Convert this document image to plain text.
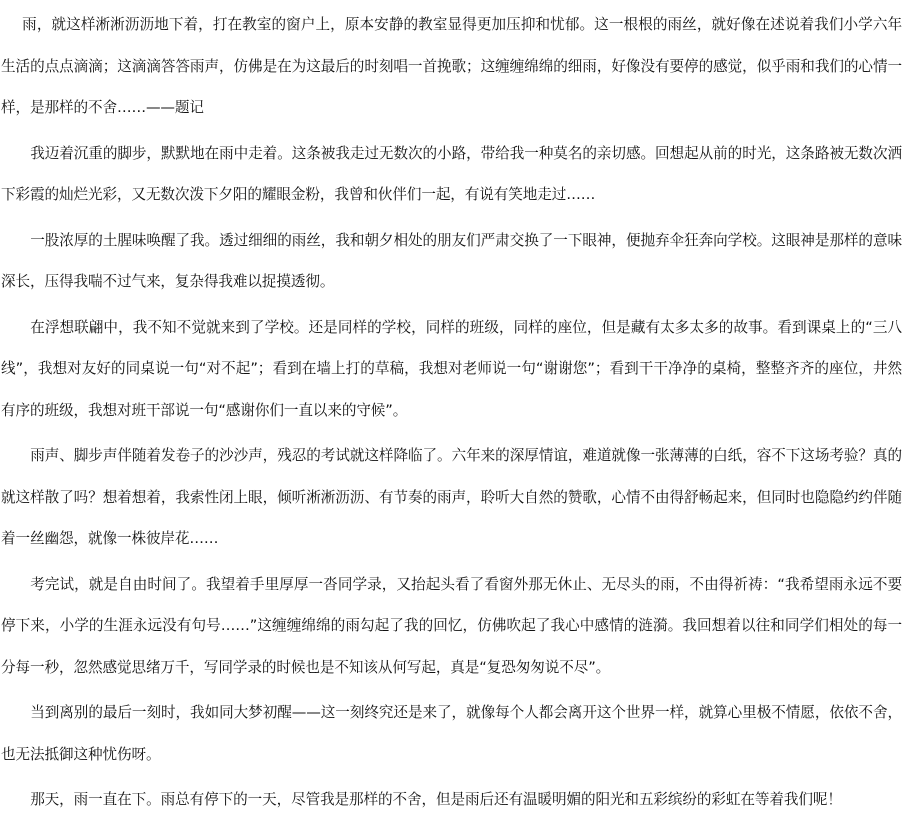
雨，就这样淅淅沥沥地下着，打在教室的窗户上，原本安静的教室显得更加压抑和忧郁。这一根根的雨丝，就好像在述说着我们小学六年生活的点点滴滴；这滴滴答答雨声，仿佛是在为这最后的时刻唱一首挽歌；这缠缠绵绵的细雨，好像没有要停的感觉，似乎雨和我们的心情一样，是那样的不舍……——题记

我迈着沉重的脚步，默默地在雨中走着。这条被我走过无数次的小路，带给我一种莫名的亲切感。回想起从前的时光，这条路被无数次洒下彩霞的灿烂光彩，又无数次泼下夕阳的耀眼金粉，我曾和伙伴们一起，有说有笑地走过……

一股浓厚的土腥味唤醒了我。透过细细的雨丝，我和朝夕相处的朋友们严肃交换了一下眼神，便抛弃伞狂奔向学校。这眼神是那样的意味深长，压得我喘不过气来，复杂得我难以捉摸透彻。

在浮想联翩中，我不知不觉就来到了学校。还是同样的学校，同样的班级，同样的座位，但是藏有太多太多的故事。看到课桌上的“三八线”，我想对友好的同桌说一句“对不起”；看到在墙上打的草稿，我想对老师说一句“谢谢您”；看到干干净净的桌椅，整整齐齐的座位，井然有序的班级，我想对班干部说一句“感谢你们一直以来的守候”。

雨声、脚步声伴随着发卷子的沙沙声，残忍的考试就这样降临了。六年来的深厚情谊，难道就像一张薄薄的白纸，容不下这场考验？真的就这样散了吗？想着想着，我索性闭上眼，倾听淅淅沥沥、有节奏的雨声，聆听大自然的赞歌，心情不由得舒畅起来，但同时也隐隐约约伴随着一丝幽怨，就像一株彼岸花……

考完试，就是自由时间了。我望着手里厚厚一沓同学录，又抬起头看了看窗外那无休止、无尽头的雨，不由得祈祷：“我希望雨永远不要停下来，小学的生涯永远没有句号……”这缠缠绵绵的雨勾起了我的回忆，仿佛吹起了我心中感情的涟漪。我回想着以往和同学们相处的每一分每一秒，忽然感觉思绪万千，写同学录的时候也是不知该从何写起，真是“复恐匆匆说不尽”。

当到离别的最后一刻时，我如同大梦初醒——这一刻终究还是来了，就像每个人都会离开这个世界一样，就算心里极不情愿，依依不舍，也无法抵御这种忧伤呀。

那天，雨一直在下。雨总有停下的一天，尽管我是那样的不舍，但是雨后还有温暖明媚的阳光和五彩缤纷的彩虹在等着我们呢！
